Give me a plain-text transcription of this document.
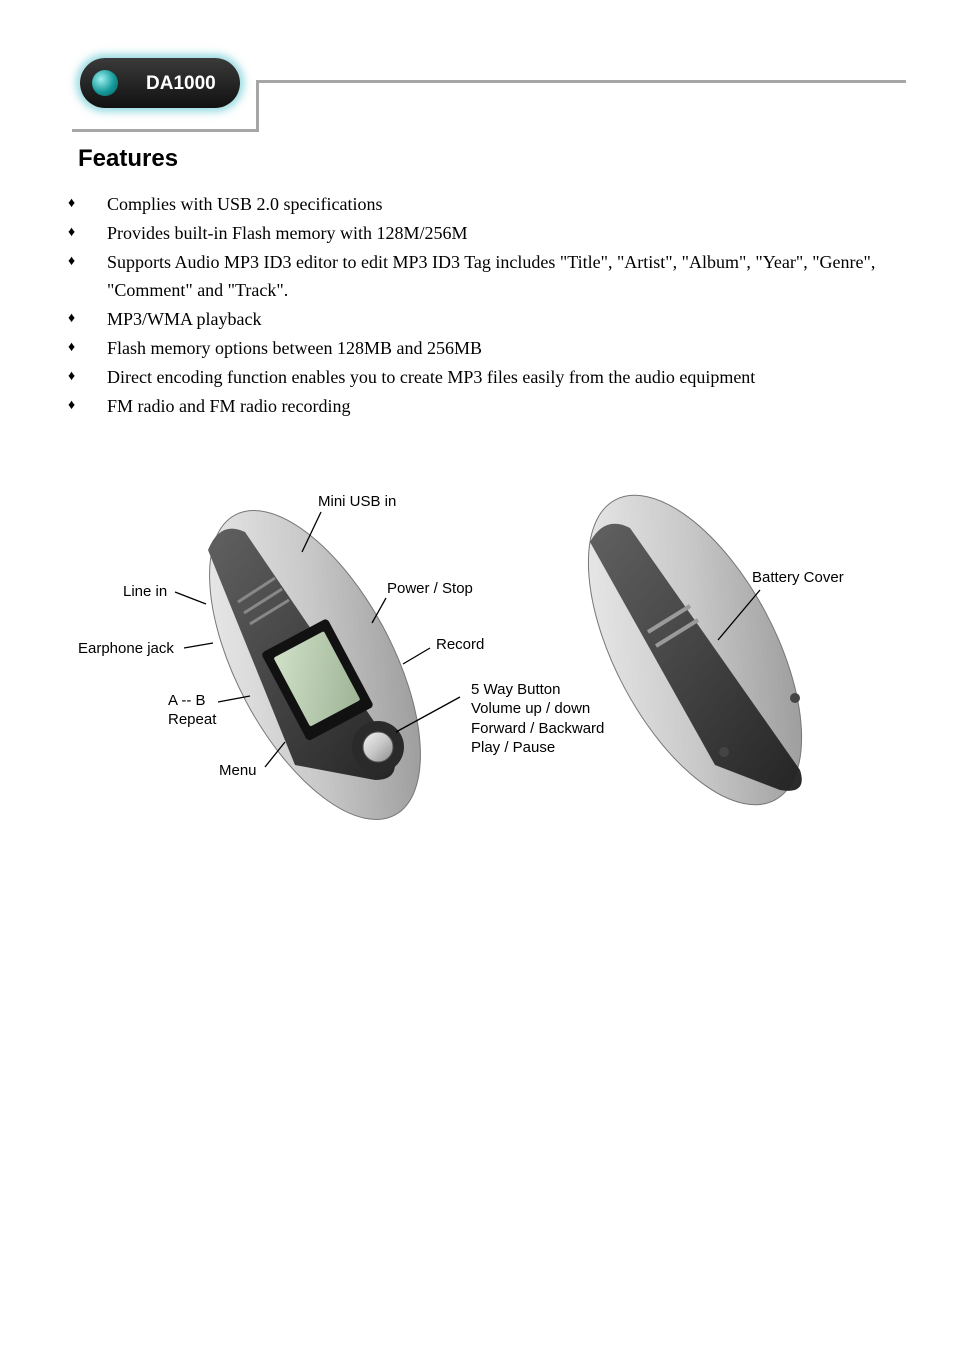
DA1000
Features
♦ Complies with USB 2.0 specifications
♦ Provides built-in Flash memory with 128M/256M
♦ Supports Audio MP3 ID3 editor to edit MP3 ID3 Tag includes "Title", "Artist", "Album", "Year", "Genre", "Comment" and "Track".
♦ MP3/WMA playback
♦ Flash memory options between 128MB and 256MB
♦ Direct encoding function enables you to create MP3 files easily from the audio equipment
♦ FM radio and FM radio recording
Mini USB in
Line in
Earphone jack
A -- B
Repeat
Menu
Power / Stop
Record
5 Way Button
Volume up / down
Forward / Backward
Play / Pause
Battery Cover
